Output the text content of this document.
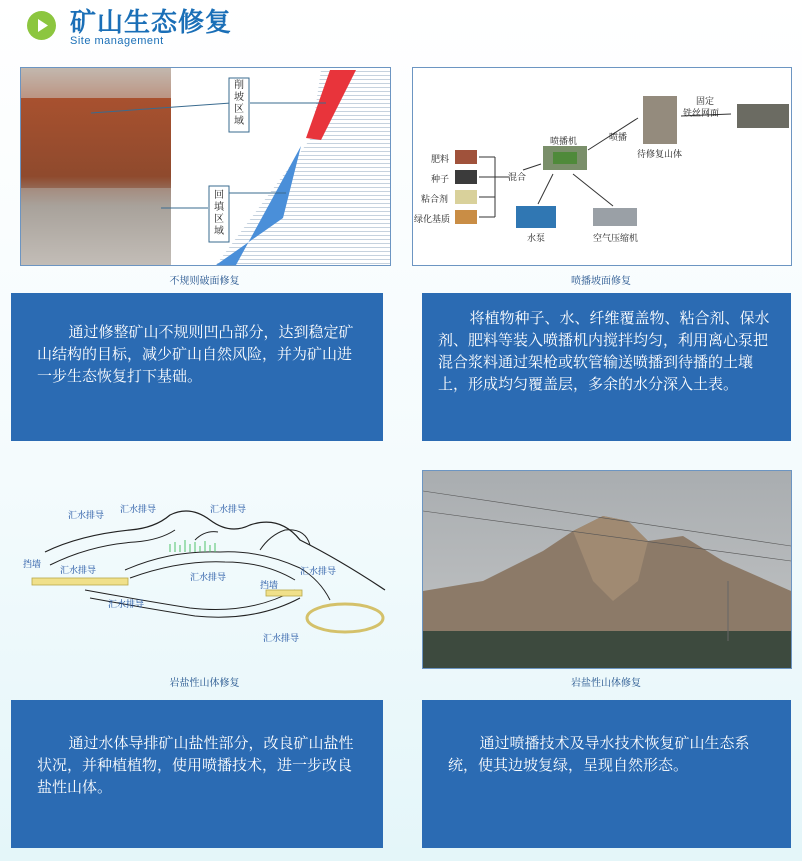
矿山生态修复
Site management
削坡区域
回填区域
不规则破面修复

通过修整矿山不规则凹凸部分，达到稳定矿山结构的目标，减少矿山自然风险，并为矿山进一步生态恢复打下基础。

肥料
种子
粘合剂
绿化基质
混合
喷播机	喷播
待修复山体
固定
铁丝网面
水泵	空气压缩机
喷播坡面修复

将植物种子、水、纤维覆盖物、粘合剂、保水剂、肥料等装入喷播机内搅拌均匀，利用离心泵把混合浆料通过架枪或软管输送喷播到待播的土壤上，形成均匀覆盖层，多余的水分深入土表。

汇水排导
汇水排导	汇水排导
挡墙
汇水排导
汇水排导
汇水排导
挡墙
汇水排导
汇水排导
岩盐性山体修复

通过水体导排矿山盐性部分，改良矿山盐性状况，并种植植物，使用喷播技术，进一步改良盐性山体。

岩盐性山体修复

通过喷播技术及导水技术恢复矿山生态系统，使其边坡复绿，呈现自然形态。
